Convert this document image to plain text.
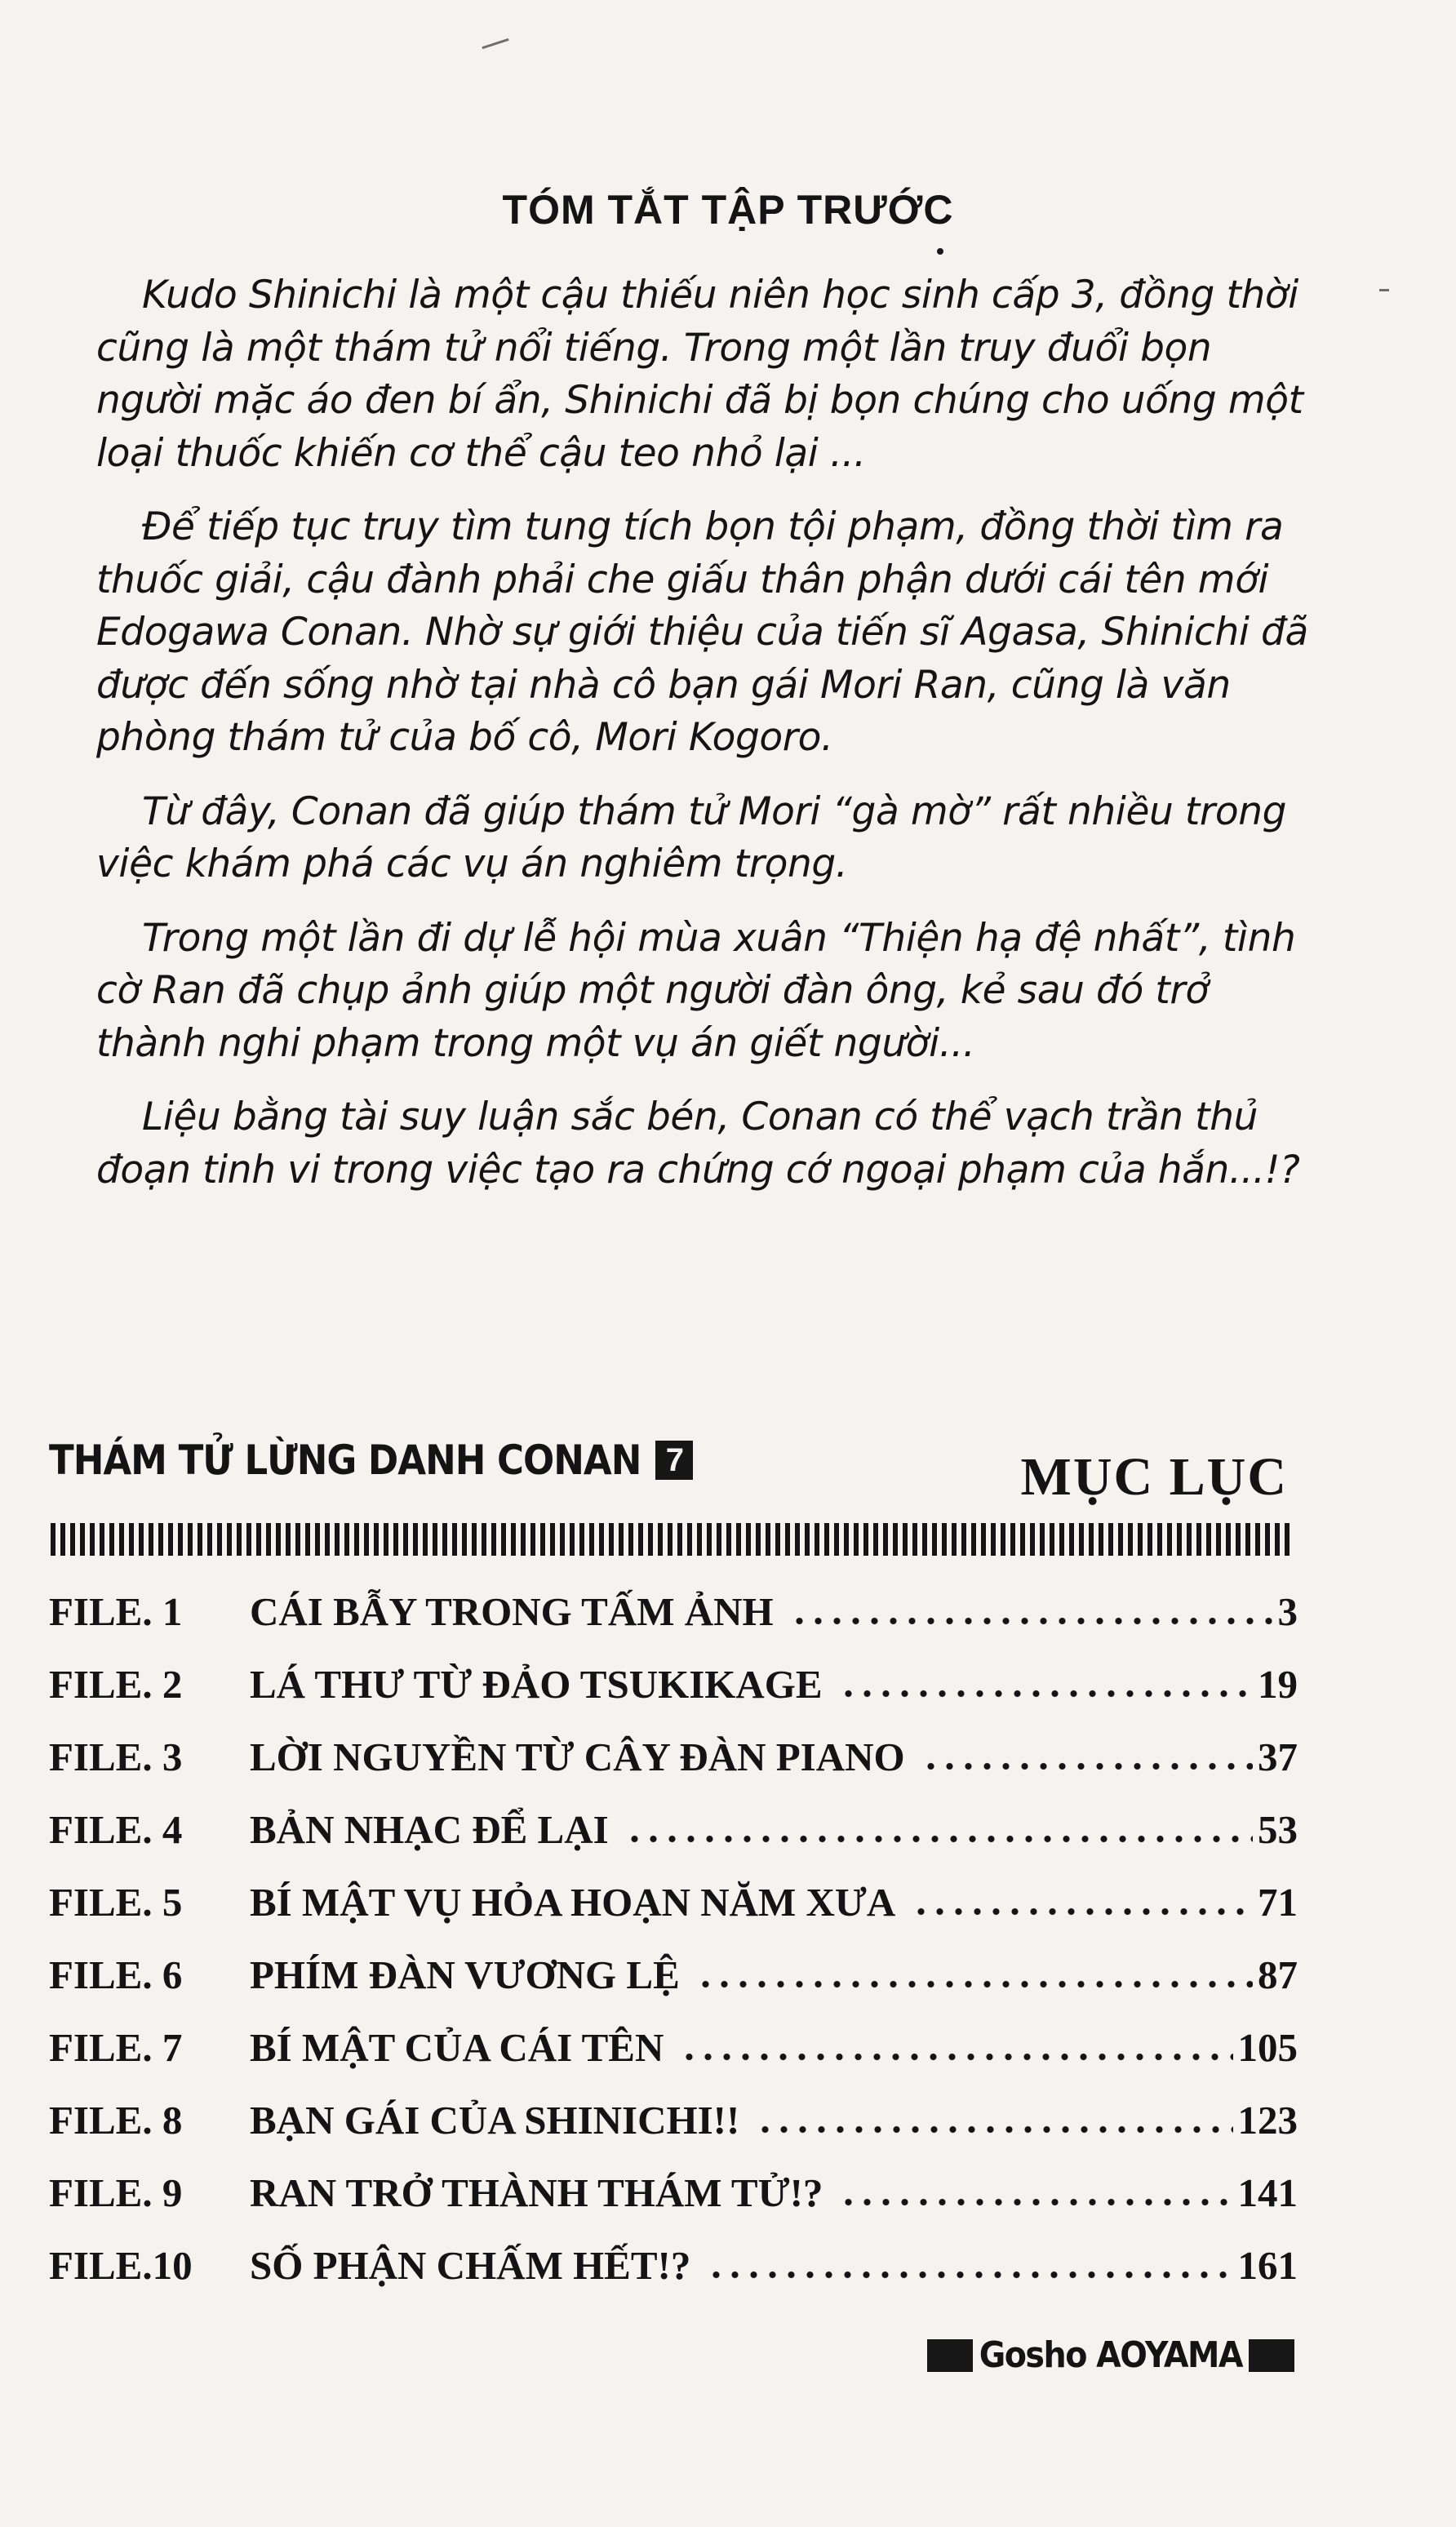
TÓM TẮT TẬP TRƯỚC

Kudo Shinichi là một cậu thiếu niên học sinh cấp 3, đồng thời cũng là một thám tử nổi tiếng. Trong một lần truy đuổi bọn người mặc áo đen bí ẩn, Shinichi đã bị bọn chúng cho uống một loại thuốc khiến cơ thể cậu teo nhỏ lại ...

Để tiếp tục truy tìm tung tích bọn tội phạm, đồng thời tìm ra thuốc giải, cậu đành phải che giấu thân phận dưới cái tên mới Edogawa Conan. Nhờ sự giới thiệu của tiến sĩ Agasa, Shinichi đã được đến sống nhờ tại nhà cô bạn gái Mori Ran, cũng là văn phòng thám tử của bố cô, Mori Kogoro.

Từ đây, Conan đã giúp thám tử Mori “gà mờ” rất nhiều trong việc khám phá các vụ án nghiêm trọng.

Trong một lần đi dự lễ hội mùa xuân “Thiện hạ đệ nhất”, tình cờ Ran đã chụp ảnh giúp một người đàn ông, kẻ sau đó trở thành nghi phạm trong một vụ án giết người...

Liệu bằng tài suy luận sắc bén, Conan có thể vạch trần thủ đoạn tinh vi trong việc tạo ra chứng cớ ngoại phạm của hắn...!?

THÁM TỬ LỪNG DANH CONAN 7	MỤC LỤC
FILE. 1	CÁI BẪY TRONG TẤM ẢNH	3
FILE. 2	LÁ THƯ TỪ ĐẢO TSUKIKAGE	19
FILE. 3	LỜI NGUYỀN TỪ CÂY ĐÀN PIANO	37
FILE. 4	BẢN NHẠC ĐỂ LẠI	53
FILE. 5	BÍ MẬT VỤ HỎA HOẠN NĂM XƯA	71
FILE. 6	PHÍM ĐÀN VƯƠNG LỆ	87
FILE. 7	BÍ MẬT CỦA CÁI TÊN	105
FILE. 8	BẠN GÁI CỦA SHINICHI!!	123
FILE. 9	RAN TRỞ THÀNH THÁM TỬ!?	141
FILE.10	SỐ PHẬN CHẤM HẾT!?	161
Gosho AOYAMA
